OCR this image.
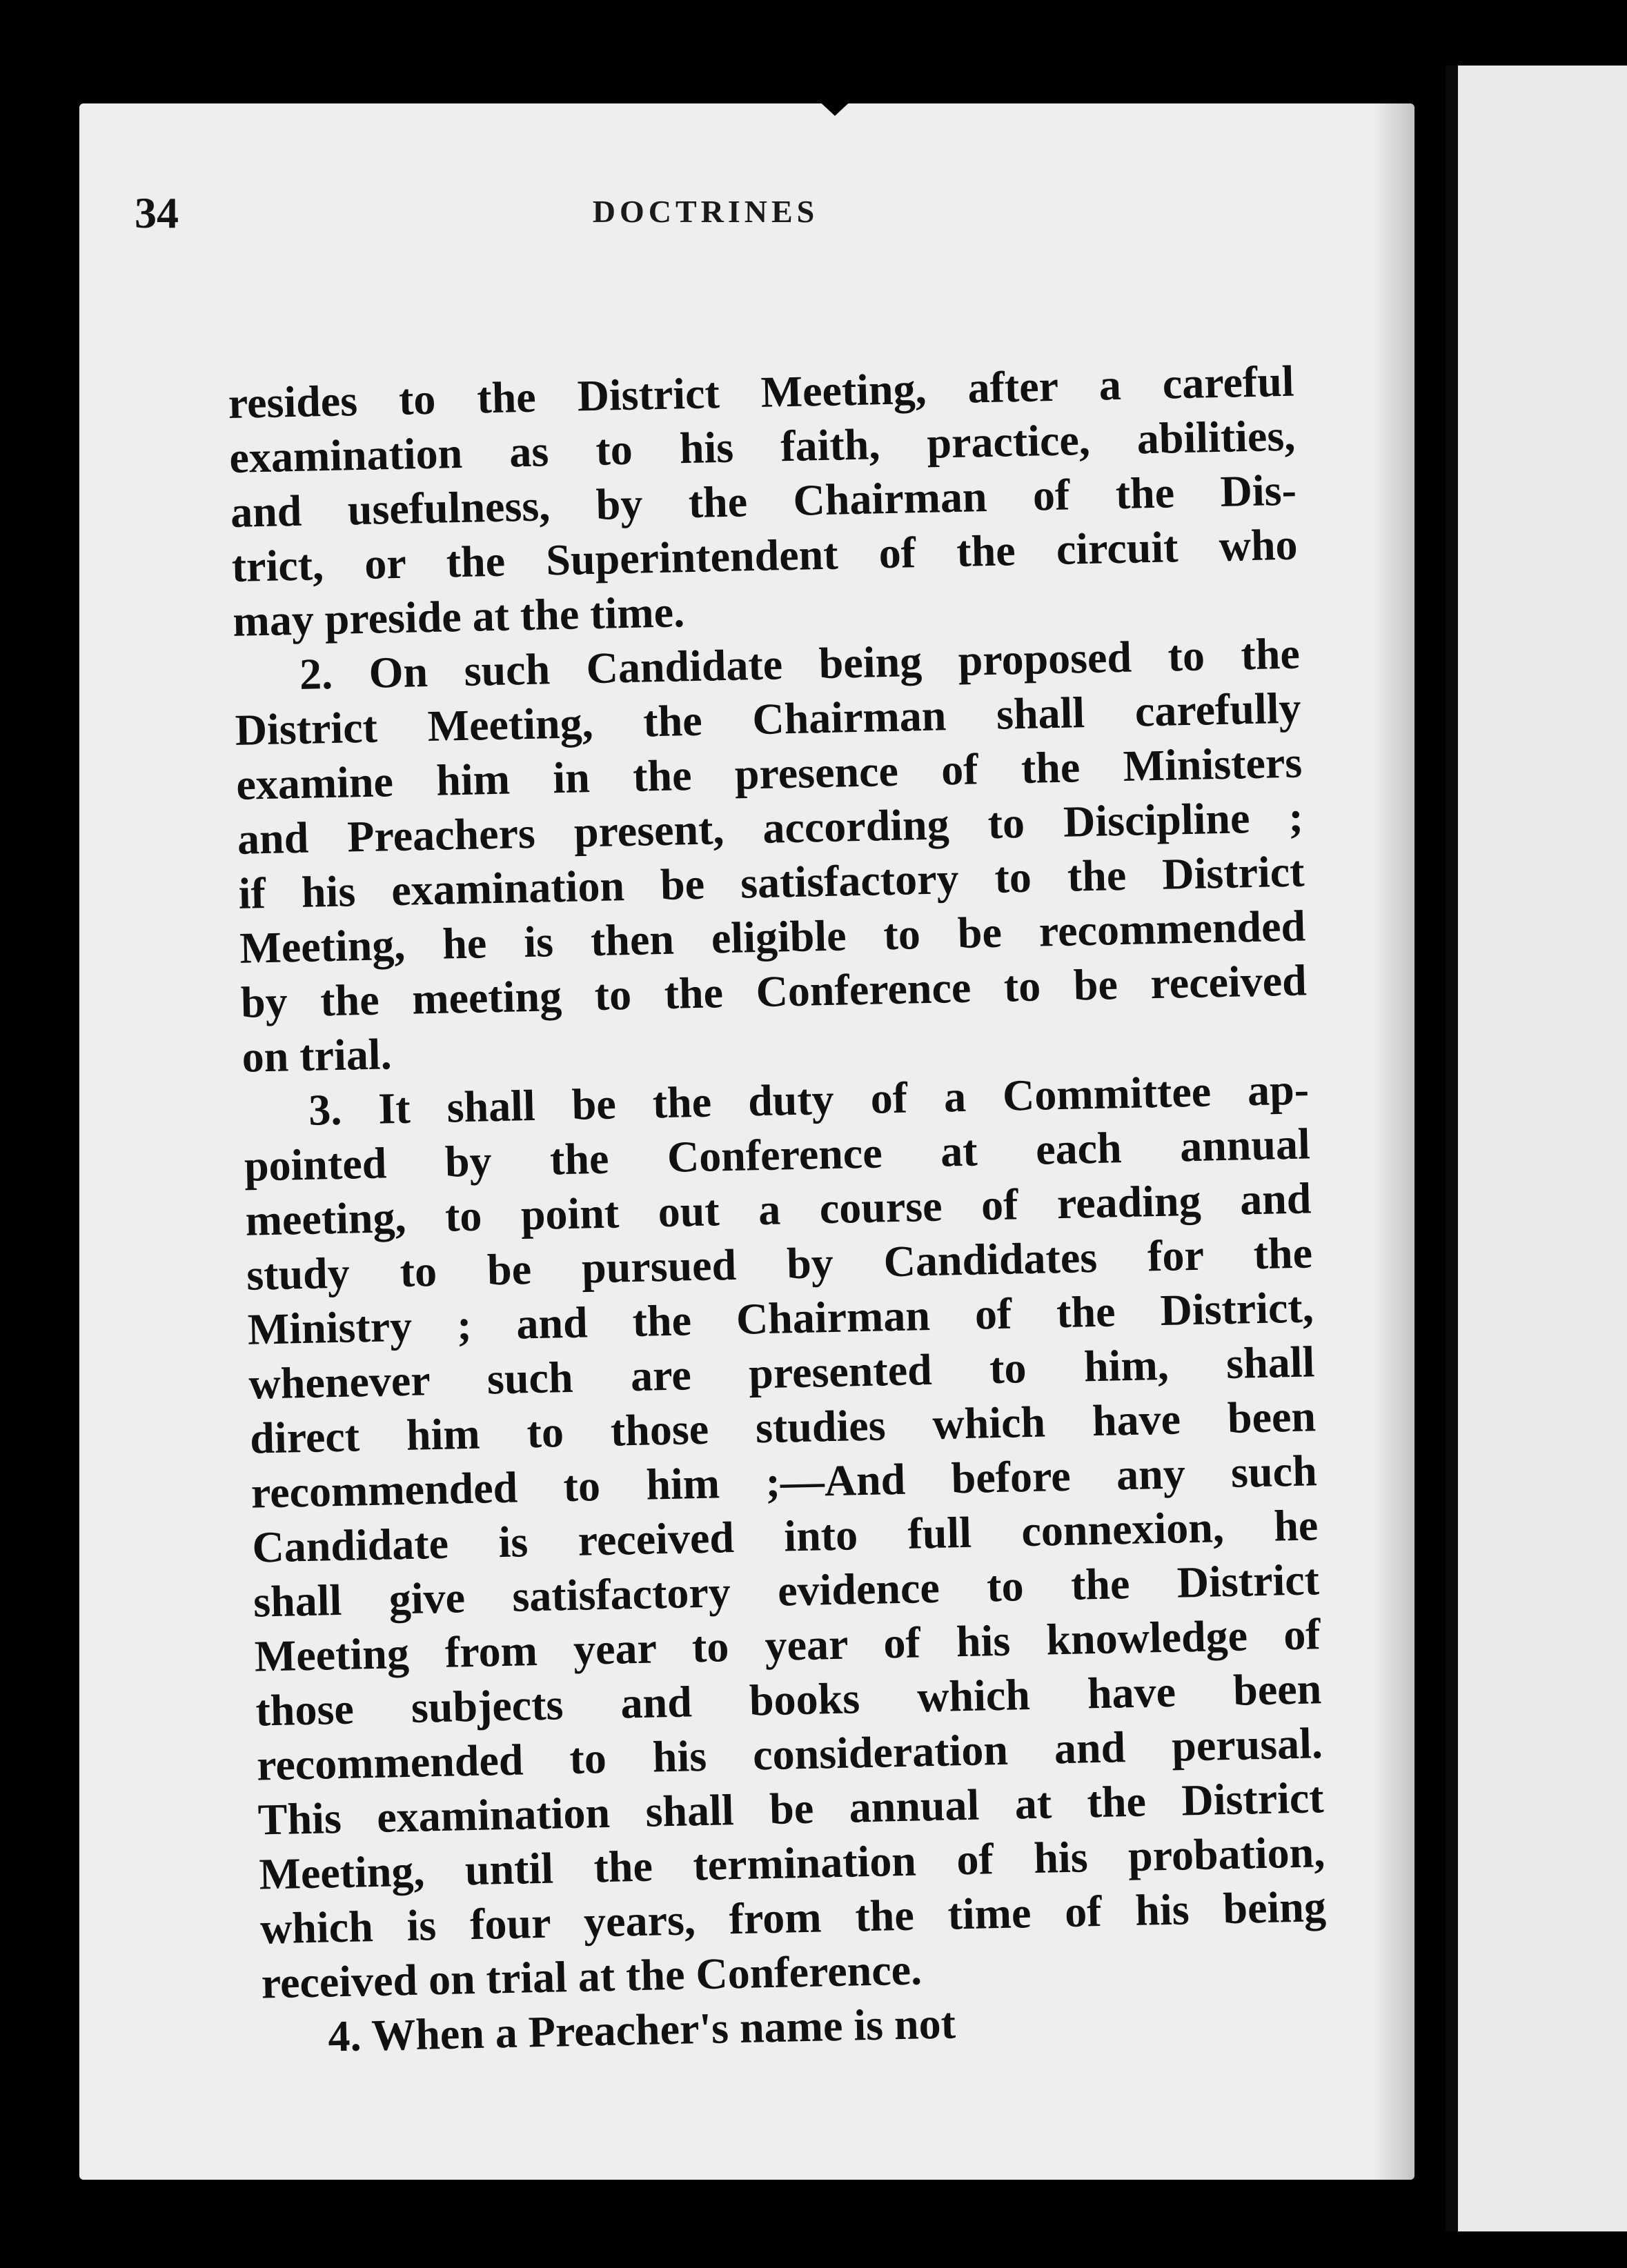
34	DOCTRINES
resides to the District Meeting, after a careful
examination as to his faith, practice, abilities,
and usefulness, by the Chairman of the Dis-
trict, or the Superintendent of the circuit who
may preside at the time.
2. On such Candidate being proposed to the
District Meeting, the Chairman shall carefully
examine him in the presence of the Ministers
and Preachers present, according to Discipline ;
if his examination be satisfactory to the District
Meeting, he is then eligible to be recommended
by the meeting to the Conference to be received
on trial.
3. It shall be the duty of a Committee ap-
pointed by the Conference at each annual
meeting, to point out a course of reading and
study to be pursued by Candidates for the
Ministry ; and the Chairman of the District,
whenever such are presented to him, shall
direct him to those studies which have been
recommended to him ;—And before any such
Candidate is received into full connexion, he
shall give satisfactory evidence to the District
Meeting from year to year of his knowledge of
those subjects and books which have been
recommended to his consideration and perusal.
This examination shall be annual at the District
Meeting, until the termination of his probation,
which is four years, from the time of his being
received on trial at the Conference.
4. When a Preacher's name is not
